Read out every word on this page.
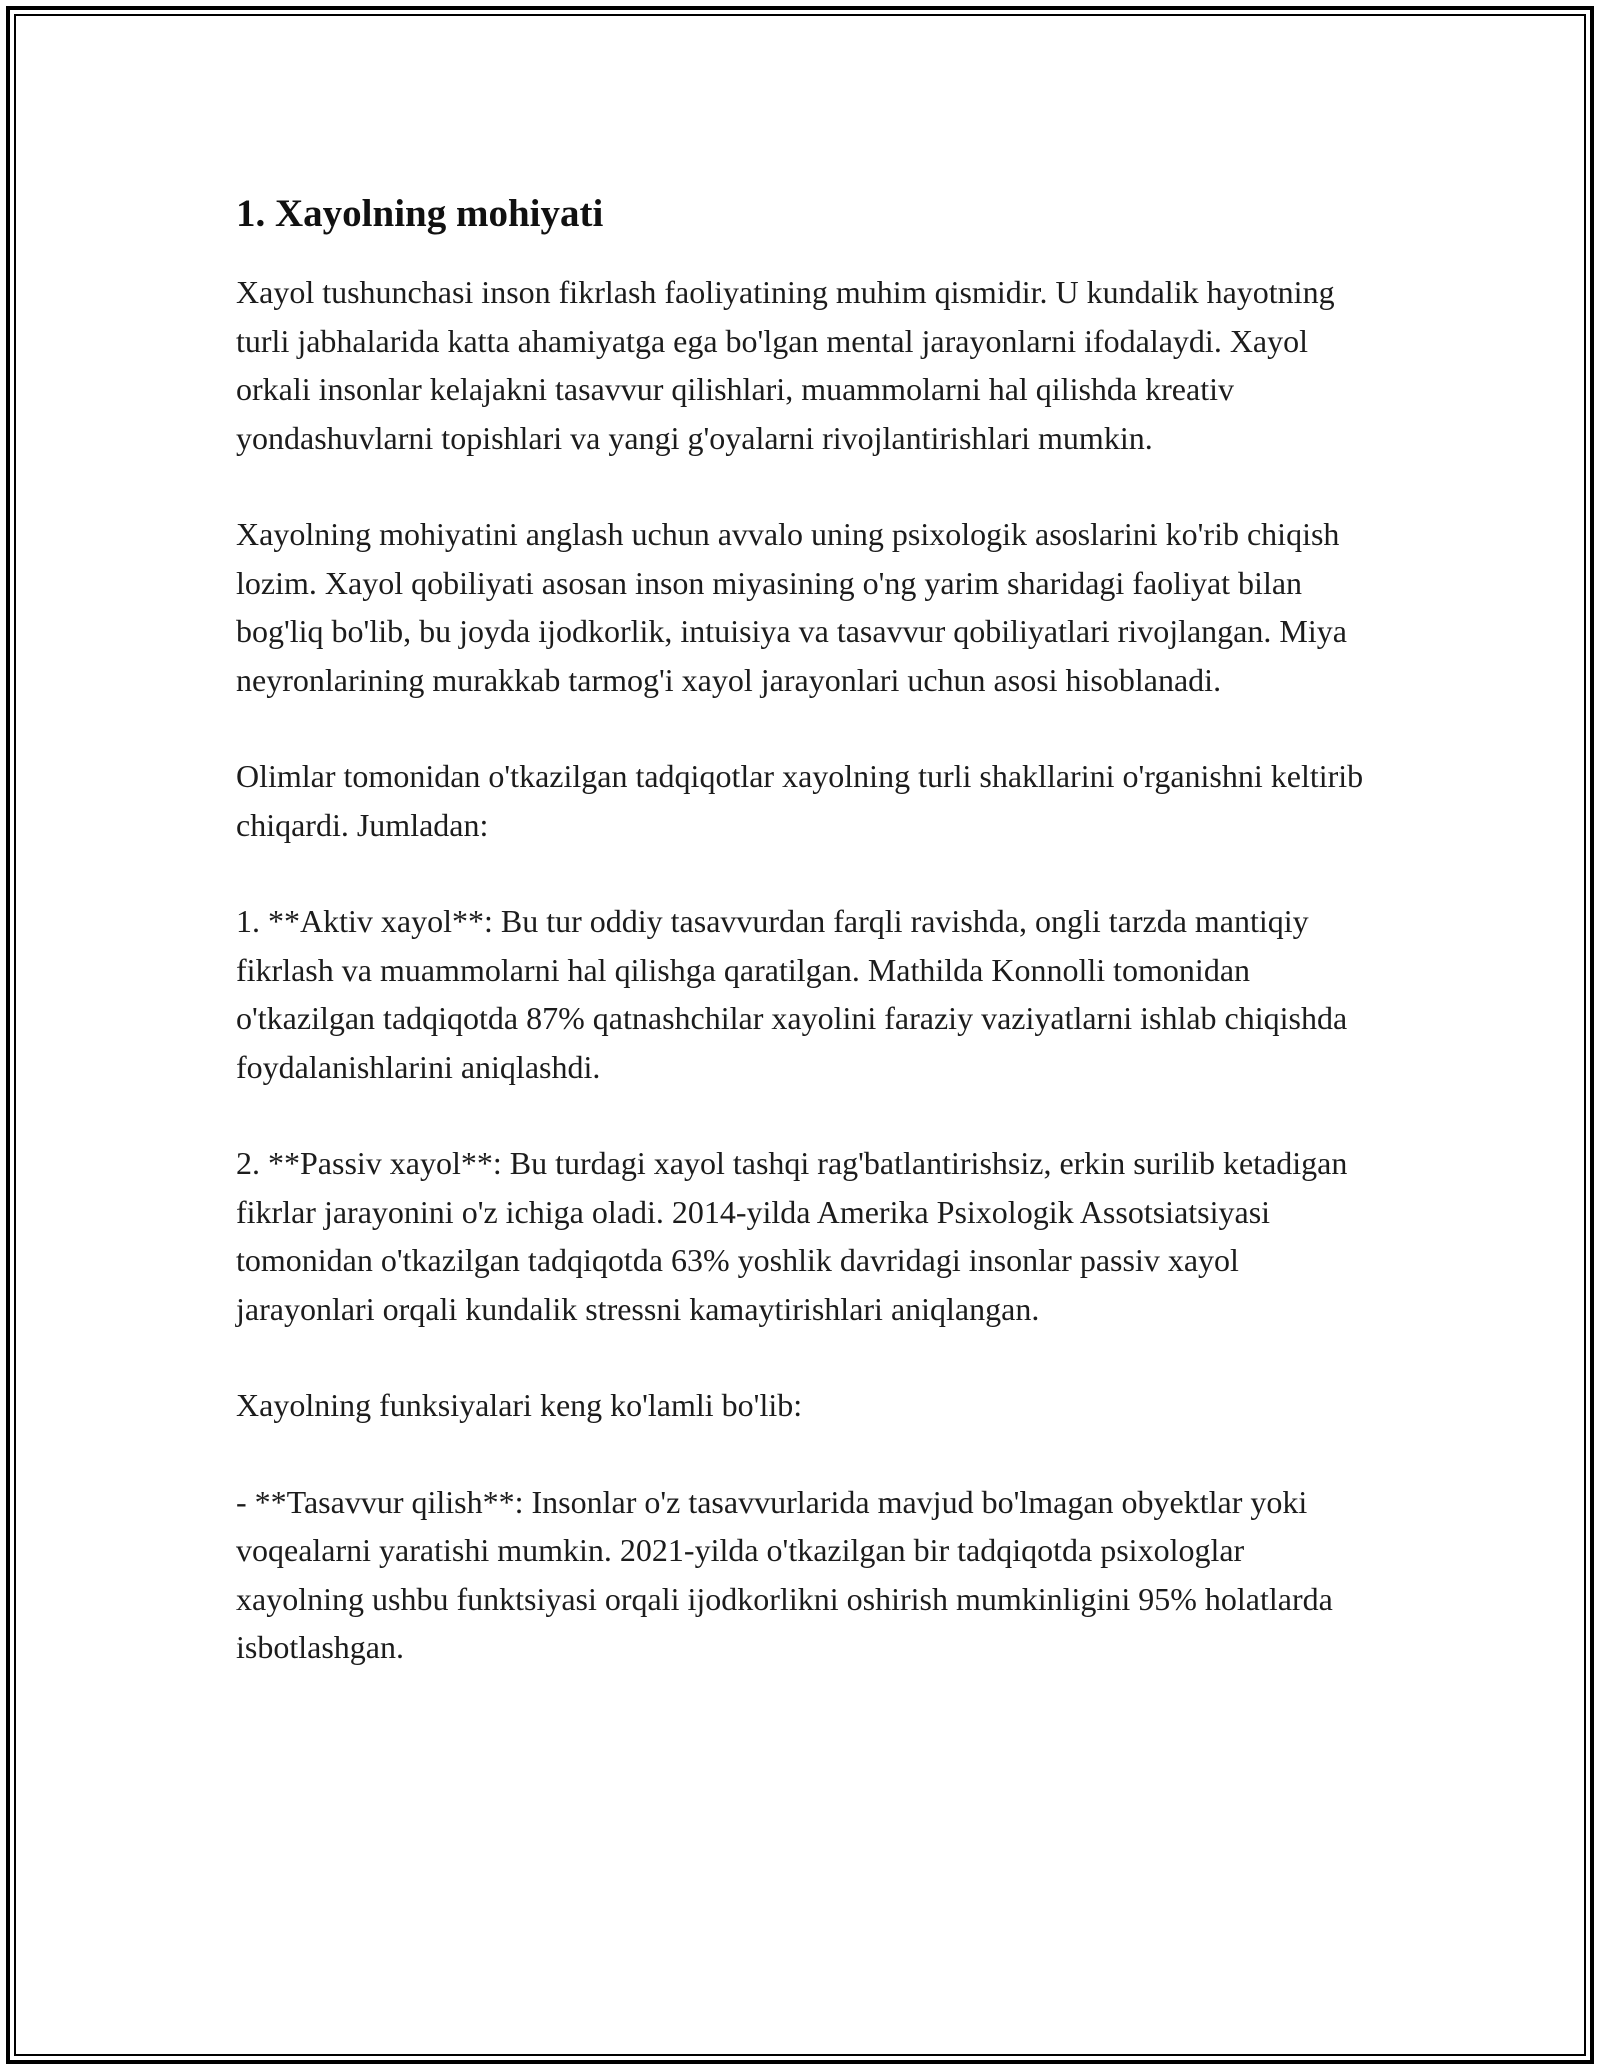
1. Xayolning mohiyati

Xayol tushunchasi inson fikrlash faoliyatining muhim qismidir. U kundalik hayotning turli jabhalarida katta ahamiyatga ega bo'lgan mental jarayonlarni ifodalaydi. Xayol orkali insonlar kelajakni tasavvur qilishlari, muammolarni hal qilishda kreativ yondashuvlarni topishlari va yangi g'oyalarni rivojlantirishlari mumkin.

Xayolning mohiyatini anglash uchun avvalo uning psixologik asoslarini ko'rib chiqish lozim. Xayol qobiliyati asosan inson miyasining o'ng yarim sharidagi faoliyat bilan bog'liq bo'lib, bu joyda ijodkorlik, intuisiya va tasavvur qobiliyatlari rivojlangan. Miya neyronlarining murakkab tarmog'i xayol jarayonlari uchun asosi hisoblanadi.

Olimlar tomonidan o'tkazilgan tadqiqotlar xayolning turli shakllarini o'rganishni keltirib chiqardi. Jumladan:

1. **Aktiv xayol**: Bu tur oddiy tasavvurdan farqli ravishda, ongli tarzda mantiqiy fikrlash va muammolarni hal qilishga qaratilgan. Mathilda Konnolli tomonidan o'tkazilgan tadqiqotda 87% qatnashchilar xayolini faraziy vaziyatlarni ishlab chiqishda foydalanishlarini aniqlashdi.

2. **Passiv xayol**: Bu turdagi xayol tashqi rag'batlantirishsiz, erkin surilib ketadigan fikrlar jarayonini o'z ichiga oladi. 2014-yilda Amerika Psixologik Assotsiatsiyasi tomonidan o'tkazilgan tadqiqotda 63% yoshlik davridagi insonlar passiv xayol jarayonlari orqali kundalik stressni kamaytirishlari aniqlangan.

Xayolning funksiyalari keng ko'lamli bo'lib:

- **Tasavvur qilish**: Insonlar o'z tasavvurlarida mavjud bo'lmagan obyektlar yoki voqealarni yaratishi mumkin. 2021-yilda o'tkazilgan bir tadqiqotda psixologlar xayolning ushbu funktsiyasi orqali ijodkorlikni oshirish mumkinligini 95% holatlarda isbotlashgan.
